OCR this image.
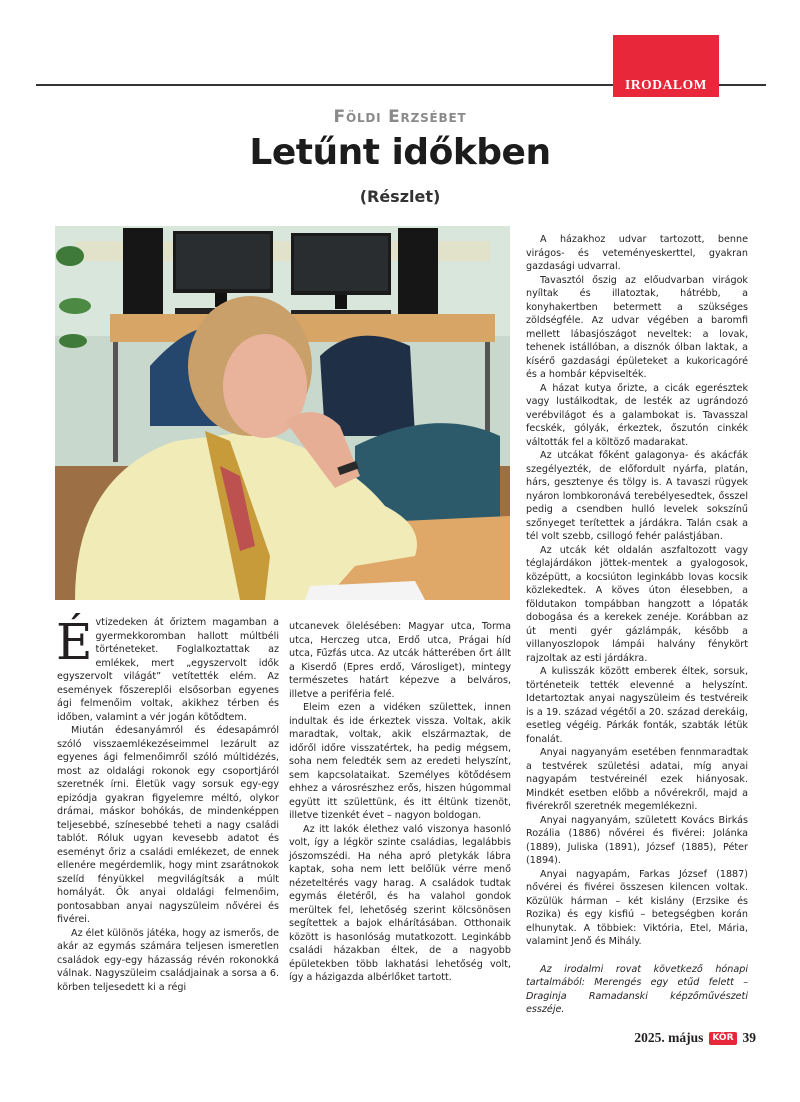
IRODALOM
Földi Erzsébet
Letűnt időkben
(Részlet)

Évtizedeken át őriztem magamban a gyermekkoromban hallott múltbéli történeteket. Foglalkoztattak az emlékek, mert „egyszervolt idők egyszervolt világát” vetítették elém. Az események főszereplői elsősorban egyenes ági felmenőim voltak, akikhez térben és időben, valamint a vér jogán kötődtem.

Miután édesanyámról és édesapámról szóló visszaemlékezéseimmel lezárult az egyenes ági felmenőimről szóló múltidézés, most az oldalági rokonok egy csoportjáról szeretnék írni. Életük vagy sorsuk egy-egy epizódja gyakran figyelemre méltó, olykor drámai, máskor bohókás, de mindenképpen teljesebbé, színesebbé teheti a nagy családi tablót. Róluk ugyan kevesebb adatot és eseményt őriz a családi emlékezet, de ennek ellenére megérdemlik, hogy mint zsarátnokok szelíd fényükkel megvilágítsák a múlt homályát. Ők anyai oldalági felmenőim, pontosabban anyai nagyszüleim nővérei és fivérei.

Az élet különös játéka, hogy az ismerős, de akár az egymás számára teljesen ismeretlen családok egy-egy házasság révén rokonokká válnak. Nagyszüleim családjainak a sorsa a 6. körben teljesedett ki a régi

utcanevek ölelésében: Magyar utca, Torma utca, Herczeg utca, Erdő utca, Prágai híd utca, Fűzfás utca. Az utcák hátterében őrt állt a Kiserdő (Epres erdő, Városliget), mintegy természetes határt képezve a belváros, illetve a periféria felé.

Eleim ezen a vidéken születtek, innen indultak és ide érkeztek vissza. Voltak, akik maradtak, voltak, akik elszármaztak, de időről időre visszatértek, ha pedig mégsem, soha nem feledték sem az eredeti helyszínt, sem kapcsolataikat. Személyes kötődésem ehhez a városrészhez erős, hiszen húgommal együtt itt születtünk, és itt éltünk tizenöt, illetve tizenkét évet – nagyon boldogan.

Az itt lakók élethez való viszonya hasonló volt, így a légkör szinte családias, legalábbis jószomszédi. Ha néha apró pletykák lábra kaptak, soha nem lett belőlük vérre menő nézeteltérés vagy harag. A családok tudtak egymás életéről, és ha valahol gondok merültek fel, lehetőség szerint kölcsönösen segítettek a bajok elhárításában. Otthonaik között is hasonlóság mutatkozott. Leginkább családi házakban éltek, de a nagyobb épületekben több lakhatási lehetőség volt, így a házigazda albérlőket tartott.

A házakhoz udvar tartozott, benne virágos- és veteményeskerttel, gyakran gazdasági udvarral.

Tavasztól őszig az előudvarban virágok nyíltak és illatoztak, hátrébb, a konyhakertben betermett a szükséges zöldségféle. Az udvar végében a baromfi mellett lábasjószágot neveltek: a lovak, tehenek istállóban, a disznók ólban laktak, a kísérő gazdasági épületeket a kukoricagóré és a hombár képviselték.

A házat kutya őrizte, a cicák egerésztek vagy lustálkodtak, de lesték az ugrándozó verébvilágot és a galambokat is. Tavasszal fecskék, gólyák, érkeztek, őszutón cinkék váltották fel a költöző madarakat.

Az utcákat főként galagonya- és akácfák szegélyezték, de előfordult nyárfa, platán, hárs, gesztenye és tölgy is. A tavaszi rügyek nyáron lombkoronává terebélyesedtek, ősszel pedig a csendben hulló levelek sokszínű szőnyeget terítettek a járdákra. Talán csak a tél volt szebb, csillogó fehér palástjában.

Az utcák két oldalán aszfaltozott vagy téglajárdákon jöttek-mentek a gyalogosok, középütt, a kocsiúton leginkább lovas kocsik közlekedtek. A köves úton élesebben, a földutakon tompábban hangzott a lópaták dobogása és a kerekek zenéje. Korábban az út menti gyér gázlámpák, később a villanyoszlopok lámpái halvány fénykört rajzoltak az esti járdákra.

A kulisszák között emberek éltek, sorsuk, történeteik tették elevenné a helyszínt. Idetartoztak anyai nagyszüleim és testvéreik is a 19. század végétől a 20. század derekáig, esetleg végéig. Párkák fonták, szabták létük fonalát.

Anyai nagyanyám esetében fennmaradtak a testvérek születési adatai, míg anyai nagyapám testvéreinél ezek hiányosak. Mindkét esetben előbb a nővérekről, majd a fivérekről szeretnék megemlékezni.

Anyai nagyanyám, született Kovács Birkás Rozália (1886) nővérei és fivérei: Jolánka (1889), Juliska (1891), József (1885), Péter (1894).

Anyai nagyapám, Farkas József (1887) nővérei és fivérei összesen kilencen voltak. Közülük hárman – két kislány (Erzsike és Rozika) és egy kisfiú – betegségben korán elhunytak. A többiek: Viktória, Etel, Mária, valamint Jenő és Mihály.

Az irodalmi rovat következő hónapi tartalmából: Merengés egy etűd felett – Draginja Ramadanski képzőművészeti esszéje.

2025. május	KÖR 39
